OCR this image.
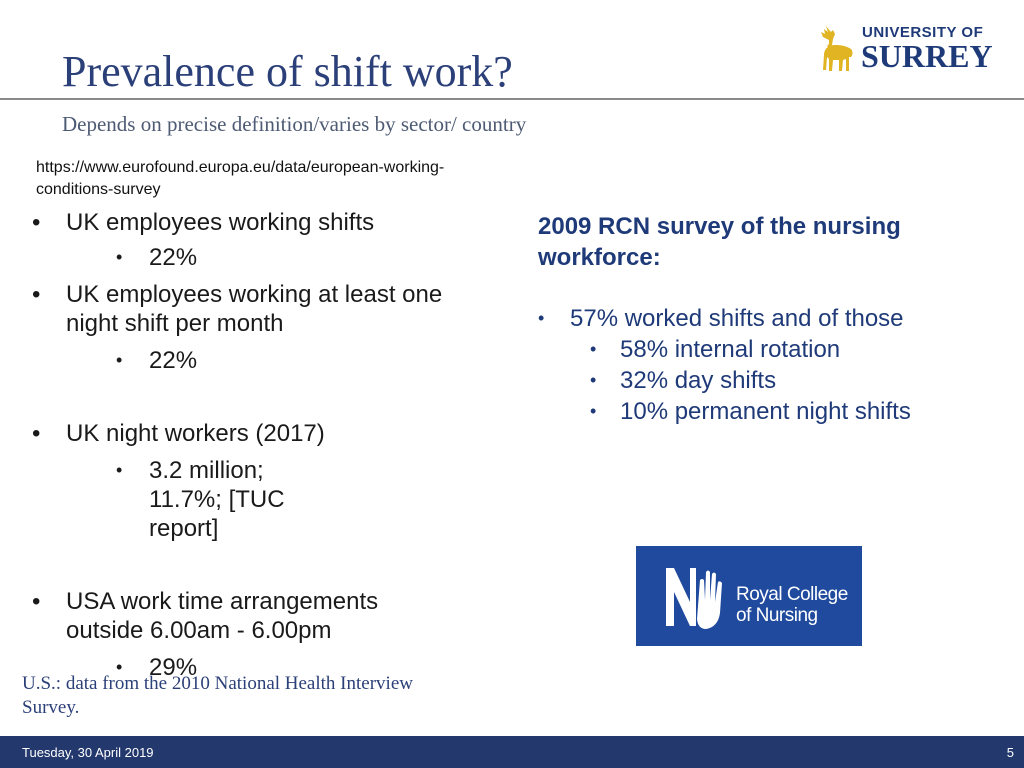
Prevalence of shift work?
Depends on precise definition/varies by sector/ country
UNIVERSITY OF
SURREY
https://www.eurofound.europa.eu/data/european-working-conditions-survey
• UK employees working shifts
• 22%
• UK employees working at least one night shift per month
• 22%
• UK night workers (2017)
• 3.2 million; 11.7%; [TUC report]
• USA work time arrangements outside 6.00am - 6.00pm
• 29%
U.S.: data from the 2010 National Health Interview Survey.
2009 RCN survey of the nursing workforce:
• 57% worked shifts and of those
• 58% internal rotation
• 32% day shifts
• 10% permanent night shifts
Royal College
of Nursing
Tuesday, 30 April 2019	5
